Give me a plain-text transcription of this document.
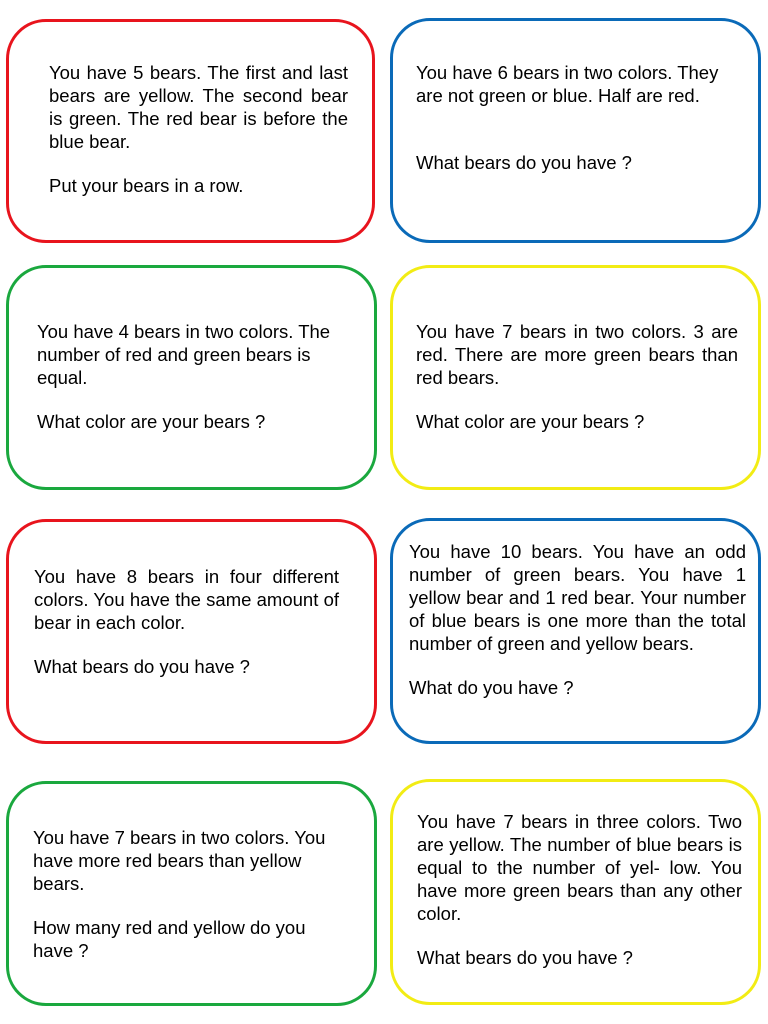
You have 5 bears. The first and last bears are yellow. The second bear is green. The red bear is before the blue bear.

Put your bears in a row.

You have 6 bears in two colors. They are not green or blue. Half are red.

What bears do you have ?

You have 4 bears in two colors. The number of red and green bears is equal.

What color are your bears ?

You have 7 bears in two colors. 3 are red. There are more green bears than red bears.

What color are your bears ?

You have 8 bears in four different colors. You have the same amount of bear in each color.

What bears do you have ?

You have 10 bears. You have an odd number of green bears. You have 1 yellow bear and 1 red bear. Your number of blue bears is one more than the total number of green and yellow bears.

What do you have ?

You have 7 bears in two colors. You have more red bears than yellow bears.

How many red and yellow do you have ?

You have 7 bears in three colors. Two are yellow. The number of blue bears is equal to the number of yel- low. You have more green bears than any other color.

What bears do you have ?
